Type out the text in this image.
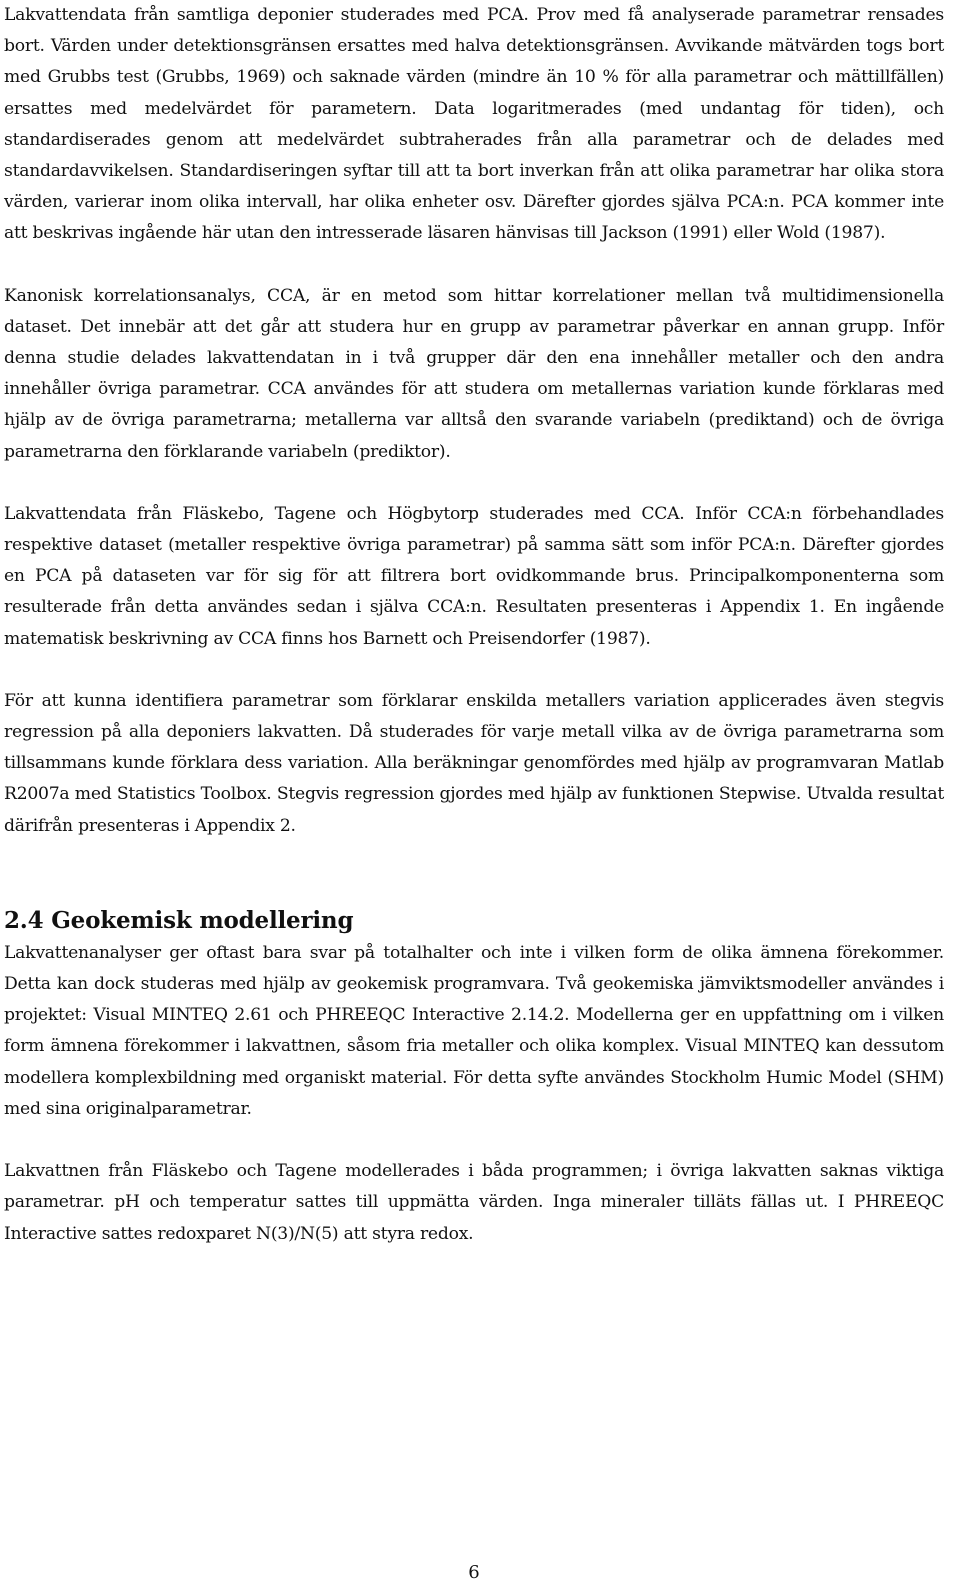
Lakvattendata från samtliga deponier studerades med PCA. Prov med få analyserade parametrar rensades bort. Värden under detektionsgränsen ersattes med halva detektionsgränsen. Avvikande mätvärden togs bort med Grubbs test (Grubbs, 1969) och saknade värden (mindre än 10 % för alla parametrar och mättillfällen) ersattes med medelvärdet för parametern. Data logaritmerades (med undantag för tiden), och standardiserades genom att medelvärdet subtraherades från alla parametrar och de delades med standardavvikelsen. Standardiseringen syftar till att ta bort inverkan från att olika parametrar har olika stora värden, varierar inom olika intervall, har olika enheter osv. Därefter gjordes själva PCA:n. PCA kommer inte att beskrivas ingående här utan den intresserade läsaren hänvisas till Jackson (1991) eller Wold (1987).

Kanonisk korrelationsanalys, CCA, är en metod som hittar korrelationer mellan två multidimensionella dataset. Det innebär att det går att studera hur en grupp av parametrar påverkar en annan grupp. Inför denna studie delades lakvattendatan in i två grupper där den ena innehåller metaller och den andra innehåller övriga parametrar. CCA användes för att studera om metallernas variation kunde förklaras med hjälp av de övriga parametrarna; metallerna var alltså den svarande variabeln (prediktand) och de övriga parametrarna den förklarande variabeln (prediktor).

Lakvattendata från Fläskebo, Tagene och Högbytorp studerades med CCA. Inför CCA:n förbehandlades respektive dataset (metaller respektive övriga parametrar) på samma sätt som inför PCA:n. Därefter gjordes en PCA på dataseten var för sig för att filtrera bort ovidkommande brus. Principalkomponenterna som resulterade från detta användes sedan i själva CCA:n. Resultaten presenteras i Appendix 1. En ingående matematisk beskrivning av CCA finns hos Barnett och Preisendorfer (1987).

För att kunna identifiera parametrar som förklarar enskilda metallers variation applicerades även stegvis regression på alla deponiers lakvatten. Då studerades för varje metall vilka av de övriga parametrarna som tillsammans kunde förklara dess variation. Alla beräkningar genomfördes med hjälp av programvaran Matlab R2007a med Statistics Toolbox. Stegvis regression gjordes med hjälp av funktionen Stepwise. Utvalda resultat därifrån presenteras i Appendix 2.

2.4 Geokemisk modellering

Lakvattenanalyser ger oftast bara svar på totalhalter och inte i vilken form de olika ämnena förekommer. Detta kan dock studeras med hjälp av geokemisk programvara. Två geokemiska jämviktsmodeller användes i projektet: Visual MINTEQ 2.61 och PHREEQC Interactive 2.14.2. Modellerna ger en uppfattning om i vilken form ämnena förekommer i lakvattnen, såsom fria metaller och olika komplex. Visual MINTEQ kan dessutom modellera komplexbildning med organiskt material. För detta syfte användes Stockholm Humic Model (SHM) med sina originalparametrar.

Lakvattnen från Fläskebo och Tagene modellerades i båda programmen; i övriga lakvatten saknas viktiga parametrar. pH och temperatur sattes till uppmätta värden. Inga mineraler tilläts fällas ut. I PHREEQC Interactive sattes redoxparet N(3)/N(5) att styra redox.

6
